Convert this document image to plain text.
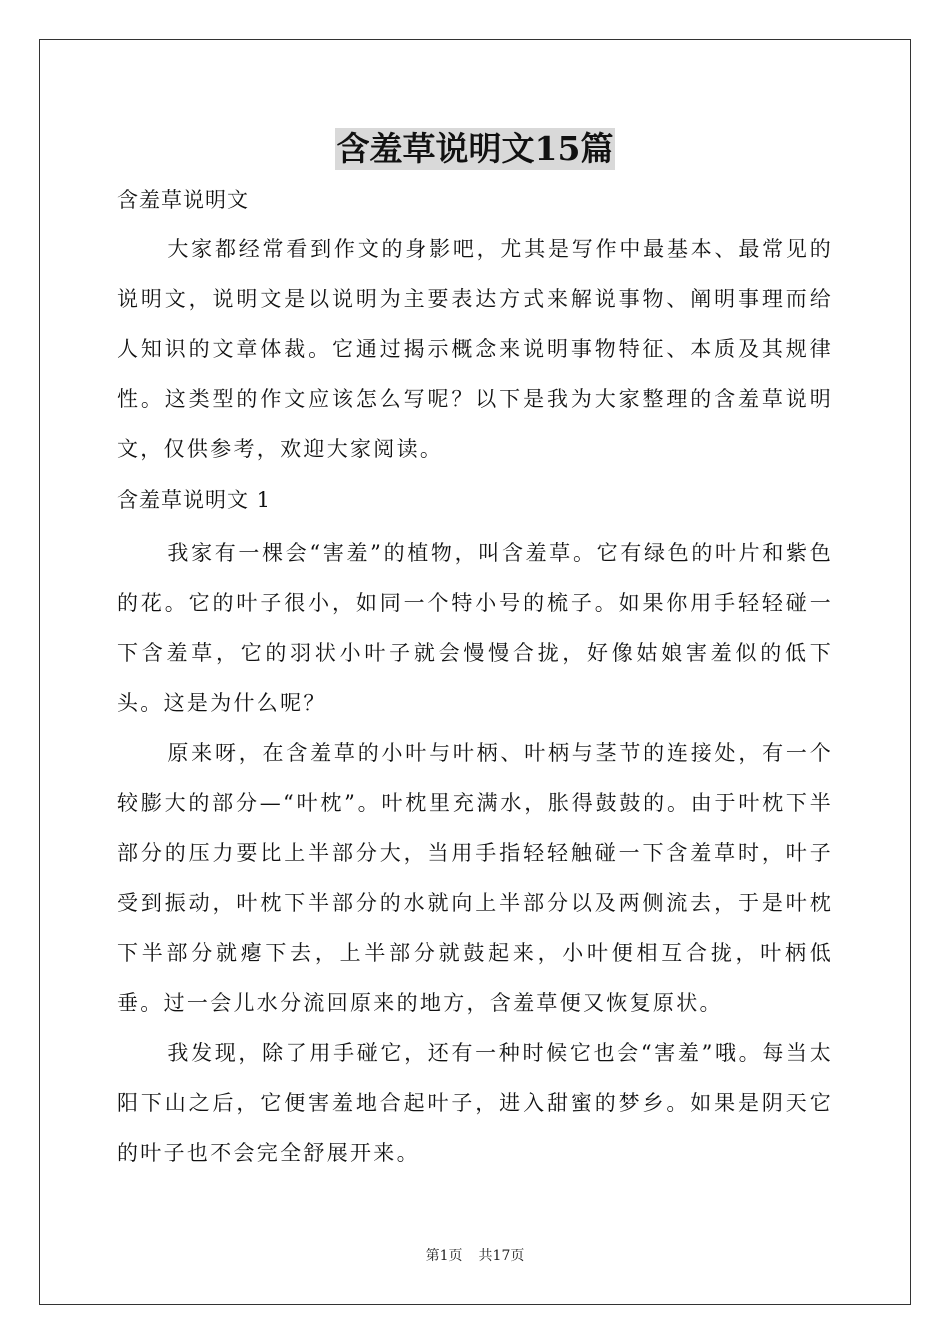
含羞草说明文15篇
含羞草说明文

大家都经常看到作文的身影吧，尤其是写作中最基本、最常见的说明文，说明文是以说明为主要表达方式来解说事物、阐明事理而给人知识的文章体裁。它通过揭示概念来说明事物特征、本质及其规律性。这类型的作文应该怎么写呢？以下是我为大家整理的含羞草说明文，仅供参考，欢迎大家阅读。

含羞草说明文 1

我家有一棵会“害羞”的植物，叫含羞草。它有绿色的叶片和紫色的花。它的叶子很小，如同一个特小号的梳子。如果你用手轻轻碰一下含羞草，它的羽状小叶子就会慢慢合拢，好像姑娘害羞似的低下头。这是为什么呢？

原来呀，在含羞草的小叶与叶柄、叶柄与茎节的连接处，有一个较膨大的部分—“叶枕”。叶枕里充满水，胀得鼓鼓的。由于叶枕下半部分的压力要比上半部分大，当用手指轻轻触碰一下含羞草时，叶子受到振动，叶枕下半部分的水就向上半部分以及两侧流去，于是叶枕下半部分就瘪下去，上半部分就鼓起来，小叶便相互合拢，叶柄低垂。过一会儿水分流回原来的地方，含羞草便又恢复原状。

我发现，除了用手碰它，还有一种时候它也会“害羞”哦。每当太阳下山之后，它便害羞地合起叶子，进入甜蜜的梦乡。如果是阴天它的叶子也不会完全舒展开来。

第1页 共17页
